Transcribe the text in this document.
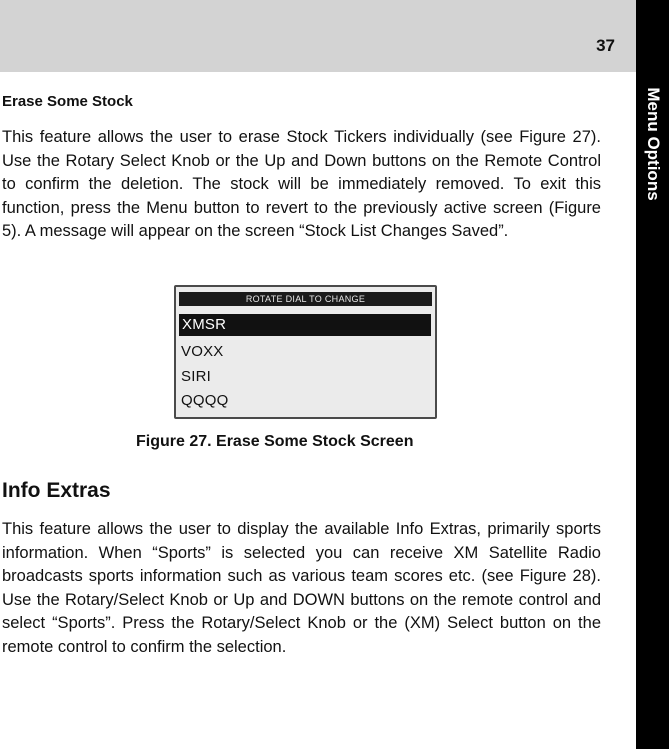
37
Menu Options
Erase Some Stock

This feature allows the user to erase Stock Tickers individually (see Figure 27). Use the Rotary Select Knob or the Up and Down buttons on the Remote Control to confirm the deletion. The stock will be immediately removed. To exit this function, press the Menu button to revert to the previously active screen (Figure 5). A message will appear on the screen “Stock List Changes Saved”.

ROTATE DIAL TO CHANGE
XMSR
VOXX
SIRI
QQQQ
Figure 27. Erase Some Stock Screen
Info Extras

This feature allows the user to display the available Info Extras, primarily sports information. When “Sports” is selected you can receive XM Satellite Radio broadcasts sports information such as various team scores etc. (see Figure 28). Use the Rotary/Select Knob or Up and DOWN buttons on the remote control and select “Sports”. Press the Rotary/Select Knob or the (XM) Select button on the remote control to confirm the selection.
